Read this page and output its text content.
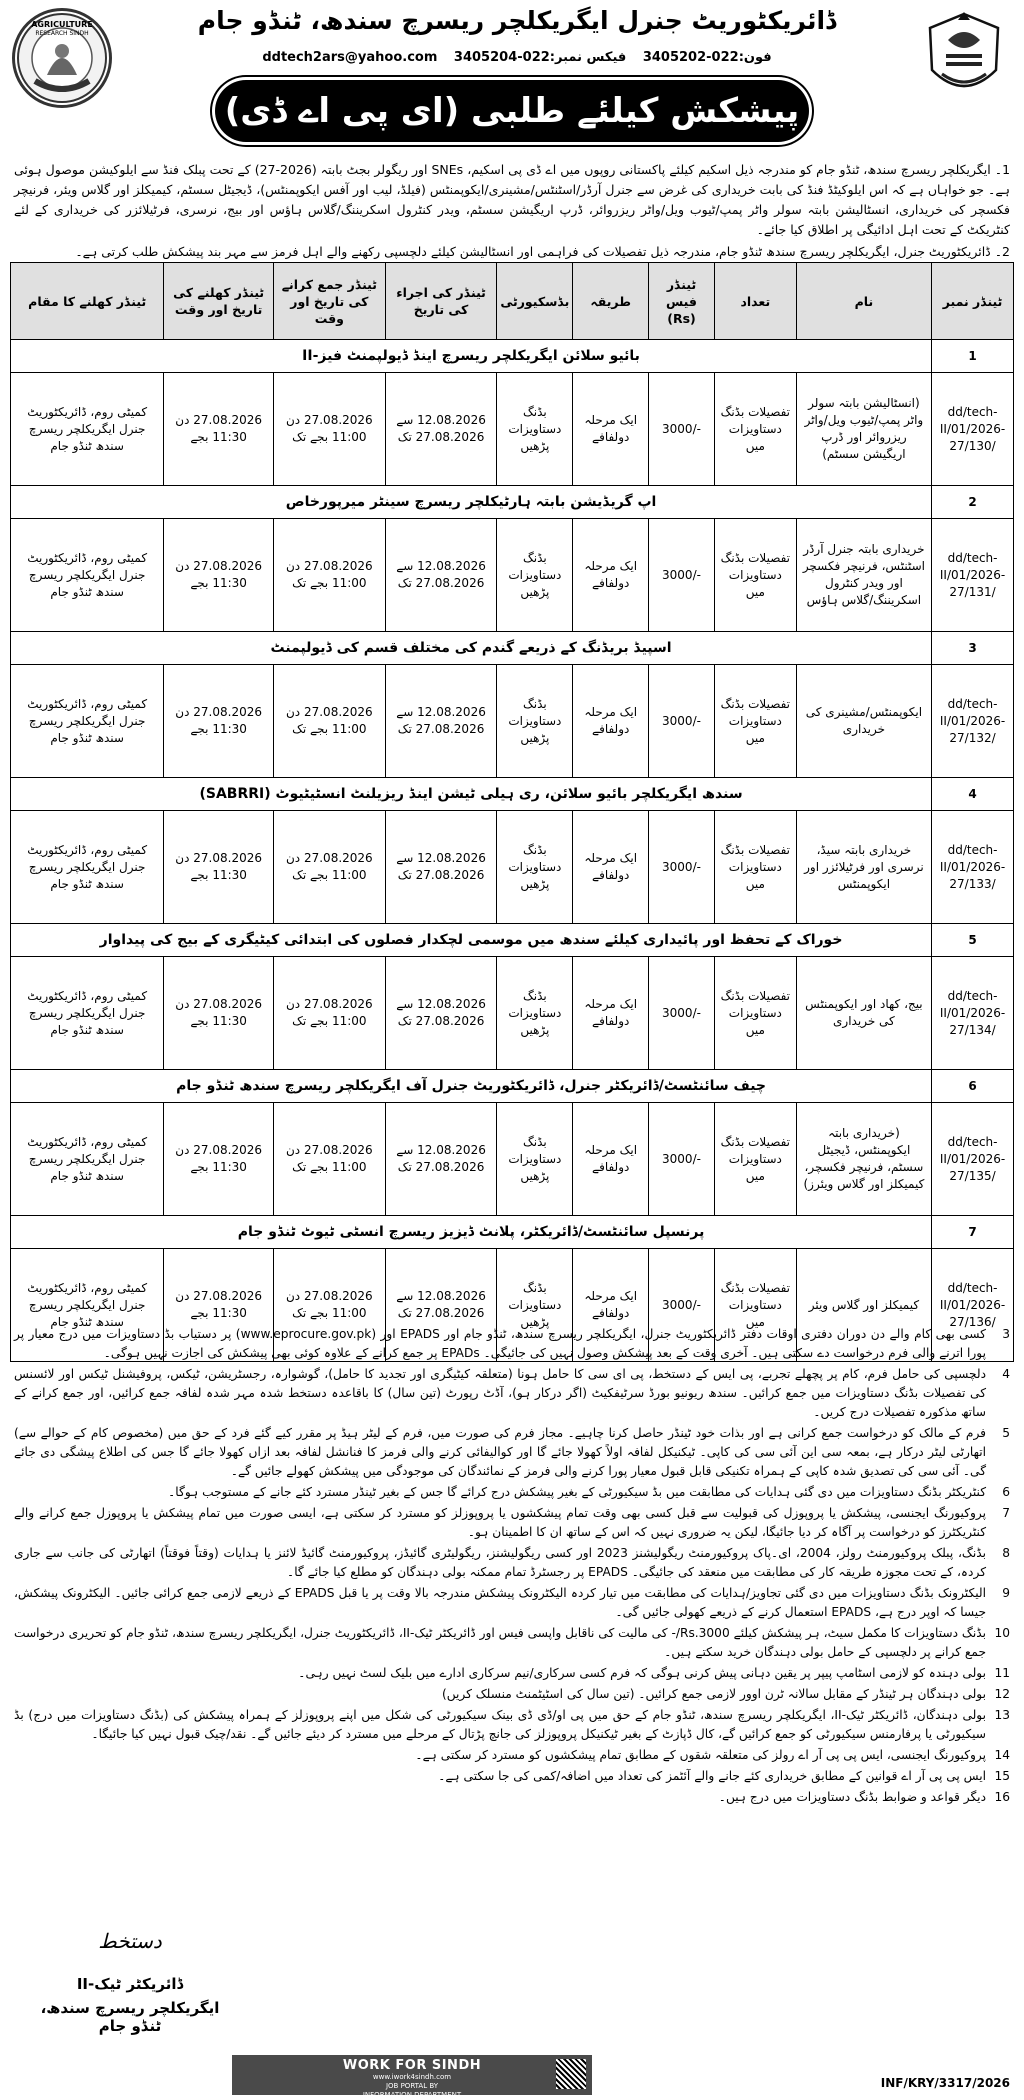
AGRICULTURE
RESEARCH SINDH	ڈائریکٹوریٹ جنرل ایگریکلچر ریسرچ سندھ، ٹنڈو جام
فون:022-3405202 فیکس نمبر:022-3405204 ddtech2ars@yahoo.com
پیشکش کیلئے طلبی (ای پی اے ڈی)

1۔ ایگریکلچر ریسرچ سندھ، ٹنڈو جام کو مندرجہ ذیل اسکیم کیلئے پاکستانی روپوں میں اے ڈی پی اسکیم، SNEs اور ریگولر بجٹ بابتہ (2026-27) کے تحت پبلک فنڈ سے ایلوکیشن موصول ہوئی ہے۔ جو خواہاں ہے کہ اس ایلوکیٹڈ فنڈ کی بابت خریداری کی غرض سے جنرل آرڈر/اسٹنٹس/مشینری/ایکوپمنٹس (فیلڈ، لیب اور آفس ایکوپمنٹس)، ڈیجیٹل سسٹم، کیمیکلز اور گلاس ویئر، فرنیچر فکسچر کی خریداری، انسٹالیشن بابتہ سولر واٹر پمپ/ٹیوب ویل/واٹر ریزروائر، ڈرپ اریگیشن سسٹم، ویدر کنٹرول اسکریننگ/گلاس ہاؤس اور بیج، نرسری، فرٹیلائزر کی خریداری کے لئے کنٹریکٹ کے تحت اہل ادائیگی پر اطلاق کیا جائے۔

2۔ ڈائریکٹوریٹ جنرل، ایگریکلچر ریسرچ سندھ ٹنڈو جام، مندرجہ ذیل تفصیلات کی فراہمی اور انسٹالیشن کیلئے دلچسپی رکھنے والے اہل فرمز سے مہر بند پیشکش طلب کرتی ہے۔

ٹینڈر نمبر	نام	تعداد	ٹینڈر فیس (Rs)	طریقہ	بڈسکیورٹی	ٹینڈر کی اجراء کی تاریخ	ٹینڈر جمع کرانے کی تاریخ اور وقت	ٹینڈر کھلنے کی تاریخ اور وقت	ٹینڈر کھلنے کا مقام
1	بائیو سلائن ایگریکلچر ریسرچ اینڈ ڈیولپمنٹ فیز-II								
dd/tech-II/01/2026-27/130/	(انسٹالیشن بابتہ سولر واٹر پمپ/ٹیوب ویل/واٹر ریزروائر اور ڈرپ اریگیشن سسٹم)	تفصیلات بڈنگ دستاویزات میں	3000/-	ایک مرحلہ دولفافے	بڈنگ دستاویزات پڑھیں	12.08.2026 سے 27.08.2026 تک	27.08.2026 دن 11:00 بجے تک	27.08.2026 دن 11:30 بجے	کمیٹی روم، ڈائریکٹوریٹ جنرل ایگریکلچر ریسرچ سندھ ٹنڈو جام
2	اپ گریڈیشن بابتہ ہارٹیکلچر ریسرچ سینٹر میرپورخاص								
dd/tech-II/01/2026-27/131/	خریداری بابتہ جنرل آرڈر اسٹنٹس، فرنیچر فکسچر اور ویدر کنٹرول اسکریننگ/گلاس ہاؤس	تفصیلات بڈنگ دستاویزات میں	3000/-	ایک مرحلہ دولفافے	بڈنگ دستاویزات پڑھیں	12.08.2026 سے 27.08.2026 تک	27.08.2026 دن 11:00 بجے تک	27.08.2026 دن 11:30 بجے	کمیٹی روم، ڈائریکٹوریٹ جنرل ایگریکلچر ریسرچ سندھ ٹنڈو جام
3	اسپیڈ بریڈنگ کے ذریعے گندم کی مختلف قسم کی ڈیولپمنٹ								
dd/tech-II/01/2026-27/132/	ایکوپمنٹس/مشینری کی خریداری	تفصیلات بڈنگ دستاویزات میں	3000/-	ایک مرحلہ دولفافے	بڈنگ دستاویزات پڑھیں	12.08.2026 سے 27.08.2026 تک	27.08.2026 دن 11:00 بجے تک	27.08.2026 دن 11:30 بجے	کمیٹی روم، ڈائریکٹوریٹ جنرل ایگریکلچر ریسرچ سندھ ٹنڈو جام
4	سندھ ایگریکلچر بائیو سلائن، ری ہیلی ٹیشن اینڈ ریزیلنٹ انسٹیٹیوٹ (SABRRI)								
dd/tech-II/01/2026-27/133/	خریداری بابتہ سیڈ، نرسری اور فرٹیلائزر اور ایکوپمنٹس	تفصیلات بڈنگ دستاویزات میں	3000/-	ایک مرحلہ دولفافے	بڈنگ دستاویزات پڑھیں	12.08.2026 سے 27.08.2026 تک	27.08.2026 دن 11:00 بجے تک	27.08.2026 دن 11:30 بجے	کمیٹی روم، ڈائریکٹوریٹ جنرل ایگریکلچر ریسرچ سندھ ٹنڈو جام
5	خوراک کے تحفظ اور پائیداری کیلئے سندھ میں موسمی لچکدار فصلوں کی ابتدائی کیٹیگری کے بیج کی پیداوار								
dd/tech-II/01/2026-27/134/	بیج، کھاد اور ایکوپمنٹس کی خریداری	تفصیلات بڈنگ دستاویزات میں	3000/-	ایک مرحلہ دولفافے	بڈنگ دستاویزات پڑھیں	12.08.2026 سے 27.08.2026 تک	27.08.2026 دن 11:00 بجے تک	27.08.2026 دن 11:30 بجے	کمیٹی روم، ڈائریکٹوریٹ جنرل ایگریکلچر ریسرچ سندھ ٹنڈو جام
6	چیف سائنٹسٹ/ڈائریکٹر جنرل، ڈائریکٹوریٹ جنرل آف ایگریکلچر ریسرچ سندھ ٹنڈو جام								
dd/tech-II/01/2026-27/135/	(خریداری بابتہ ایکوپمنٹس، ڈیجیٹل سسٹم، فرنیچر فکسچر، کیمیکلز اور گلاس ویئرز)	تفصیلات بڈنگ دستاویزات میں	3000/-	ایک مرحلہ دولفافے	بڈنگ دستاویزات پڑھیں	12.08.2026 سے 27.08.2026 تک	27.08.2026 دن 11:00 بجے تک	27.08.2026 دن 11:30 بجے	کمیٹی روم، ڈائریکٹوریٹ جنرل ایگریکلچر ریسرچ سندھ ٹنڈو جام
7	پرنسپل سائنٹسٹ/ڈائریکٹر، پلانٹ ڈیزیز ریسرچ انسٹی ٹیوٹ ٹنڈو جام								
dd/tech-II/01/2026-27/136/	کیمیکلز اور گلاس ویئر	تفصیلات بڈنگ دستاویزات میں	3000/-	ایک مرحلہ دولفافے	بڈنگ دستاویزات پڑھیں	12.08.2026 سے 27.08.2026 تک	27.08.2026 دن 11:00 بجے تک	27.08.2026 دن 11:30 بجے	کمیٹی روم، ڈائریکٹوریٹ جنرل ایگریکلچر ریسرچ سندھ ٹنڈو جام
3
کسی بھی کام والے دن دوران دفتری اوقات دفتر ڈائریکٹوریٹ جنرل، ایگریکلچر ریسرچ سندھ، ٹنڈو جام اور EPADS اور (www.eprocure.gov.pk) پر دستیاب بڈ دستاویزات میں درج معیار پر پورا اترنے والی فرم درخواست دے سکتی ہیں۔ آخری وقت کے بعد پیشکش وصول نہیں کی جائیگی۔ EPADs پر جمع کرانے کے علاوہ کوئی بھی پیشکش کی اجازت نہیں ہوگی۔
4
دلچسپی کی حامل فرم، کام پر پچھلے تجربے، پی ایس کے دستخط، پی ای سی کا حامل ہونا (متعلقہ کیٹیگری اور تجدید کا حامل)، گوشوارہ، رجسٹریشن، ٹیکس، پروفیشنل ٹیکس اور لائسنس کی تفصیلات بڈنگ دستاویزات میں جمع کرائیں۔ سندھ ریونیو بورڈ سرٹیفکیٹ (اگر درکار ہو)، آڈٹ رپورٹ (تین سال) کا باقاعدہ دستخط شدہ مہر شدہ لفافہ جمع کرائیں، اور جمع کرانے کے ساتھ مذکورہ تفصیلات درج کریں۔
5
فرم کے مالک کو درخواست جمع کرانی ہے اور بذات خود ٹینڈر حاصل کرنا چاہیے۔ مجاز فرم کی صورت میں، فرم کے لیٹر ہیڈ پر مقرر کیے گئے فرد کے حق میں (مخصوص کام کے حوالے سے) اتھارٹی لیٹر درکار ہے، بمعہ سی این آئی سی کی کاپی۔ ٹیکنیکل لفافہ اولاً کھولا جائے گا اور کوالیفائی کرنے والی فرمز کا فنانشل لفافہ بعد ازاں کھولا جائے گا جس کی اطلاع پیشگی دی جائے گی۔ آئی سی کی تصدیق شدہ کاپی کے ہمراہ تکنیکی قابل قبول معیار پورا کرنے والی فرمز کے نمائندگان کی موجودگی میں پیشکش کھولے جائیں گے۔
6
کنٹریکٹر بڈنگ دستاویزات میں دی گئی ہدایات کی مطابقت میں بڈ سیکیورٹی کے بغیر پیشکش درج کرائے گا جس کے بغیر ٹینڈر مسترد کئے جانے کے مستوجب ہوگا۔
7
پروکیورنگ ایجنسی، پیشکش یا پروپوزل کی قبولیت سے قبل کسی بھی وقت تمام پیشکشوں یا پروپوزلز کو مسترد کر سکتی ہے، ایسی صورت میں تمام پیشکش یا پروپوزل جمع کرانے والے کنٹریکٹرز کو درخواست پر آگاہ کر دیا جائیگا، لیکن یہ ضروری نہیں کہ اس کے ساتھ ان کا اطمینان ہو۔
8
بڈنگ، پبلک پروکیورمنٹ رولز، 2004، ای۔پاک پروکیورمنٹ ریگولیشنز 2023 اور کسی ریگولیشنز، ریگولیٹری گائیڈز، پروکیورمنٹ گائیڈ لائنز یا ہدایات (وقتاً فوقتاً) اتھارٹی کی جانب سے جاری کردہ، کے تحت مجوزہ طریقہ کار کی مطابقت میں منعقد کی جائیگی۔ EPADS پر رجسٹرڈ تمام ممکنہ بولی دہندگان کو مطلع کیا جائے گا۔
9
الیکٹرونک بڈنگ دستاویزات میں دی گئی تجاویز/ہدایات کی مطابقت میں تیار کردہ الیکٹرونک پیشکش مندرجہ بالا وقت پر یا قبل EPADS کے ذریعے لازمی جمع کرائی جائیں۔ الیکٹرونک پیشکش، جیسا کہ اوپر درج ہے، EPADS استعمال کرنے کے ذریعے کھولی جائیں گی۔
10
بڈنگ دستاویزات کا مکمل سیٹ، ہر پیشکش کیلئے Rs.3000/- کی مالیت کی ناقابل واپسی فیس اور ڈائریکٹر ٹیک-II، ڈائریکٹوریٹ جنرل، ایگریکلچر ریسرچ سندھ، ٹنڈو جام کو تحریری درخواست جمع کرانے پر دلچسپی کے حامل بولی دہندگان خرید سکتے ہیں۔
11
بولی دہندہ کو لازمی اسٹامپ پیپر پر یقین دہانی پیش کرنی ہوگی کہ فرم کسی سرکاری/نیم سرکاری ادارے میں بلیک لسٹ نہیں رہی۔
12
بولی دہندگان ہر ٹینڈر کے مقابل سالانہ ٹرن اوور لازمی جمع کرائیں۔ (تین سال کی اسٹیٹمنٹ منسلک کریں)
13
بولی دہندگان، ڈائریکٹر ٹیک-II، ایگریکلچر ریسرچ سندھ، ٹنڈو جام کے حق میں پی او/ڈی ڈی بینک سیکیورٹی کی شکل میں اپنے پروپوزلز کے ہمراہ پیشکش کی (بڈنگ دستاویزات میں درج) بڈ سیکیورٹی یا پرفارمنس سیکیورٹی کو جمع کرائیں گے، کال ڈپازٹ کے بغیر ٹیکنیکل پروپوزلز کی جانچ پڑتال کے مرحلے میں مسترد کر دیئے جائیں گے۔ نقد/چیک قبول نہیں کیا جائیگا۔
14
پروکیورنگ ایجنسی، ایس پی پی آر اے رولز کی متعلقہ شقوں کے مطابق تمام پیشکشوں کو مسترد کر سکتی ہے۔
15
ایس پی پی آر اے قوانین کے مطابق خریداری کئے جانے والے آئٹمز کی تعداد میں اضافہ/کمی کی جا سکتی ہے۔
16
دیگر قواعد و ضوابط بڈنگ دستاویزات میں درج ہیں۔
دستخط
ڈائریکٹر ٹیک-II
ایگریکلچر ریسرچ سندھ، ٹنڈو جام
WORK FOR SINDH
www.iwork4sindh.com
JOB PORTAL BY
INFORMATION DEPARTMENT
INF/KRY/3317/2026
